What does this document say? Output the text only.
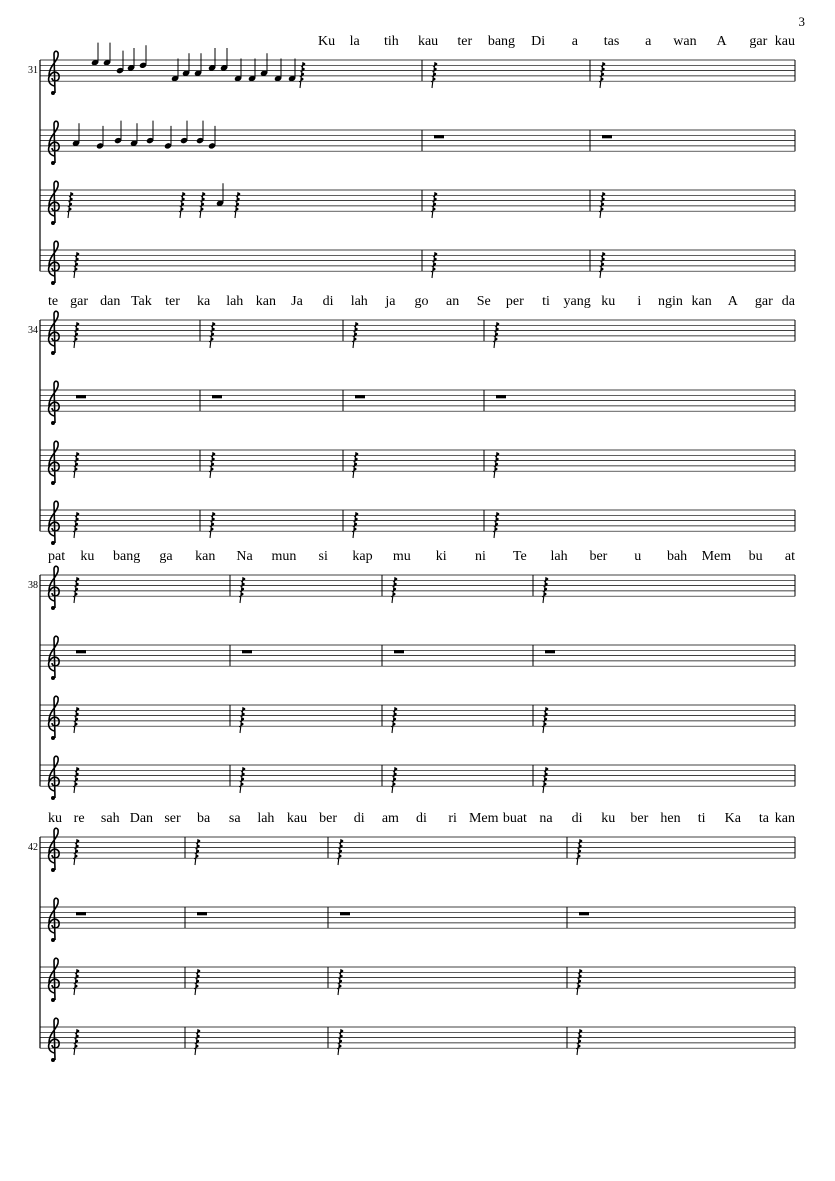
3
Ku la tih kau ter bang Di a tas a wan A gar kau
31
te gar dan Tak ter ka lah kan Ja di lah ja go an Se per ti yang ku i ngin kan A gar da
34
pat ku bang ga kan Na mun si kap mu ki ni Te lah ber u bah Mem bu at
38
ku re sah Dan ser ba sa lah kau ber di am di ri Mem buat na di ku ber hen ti Ka ta kan
42
